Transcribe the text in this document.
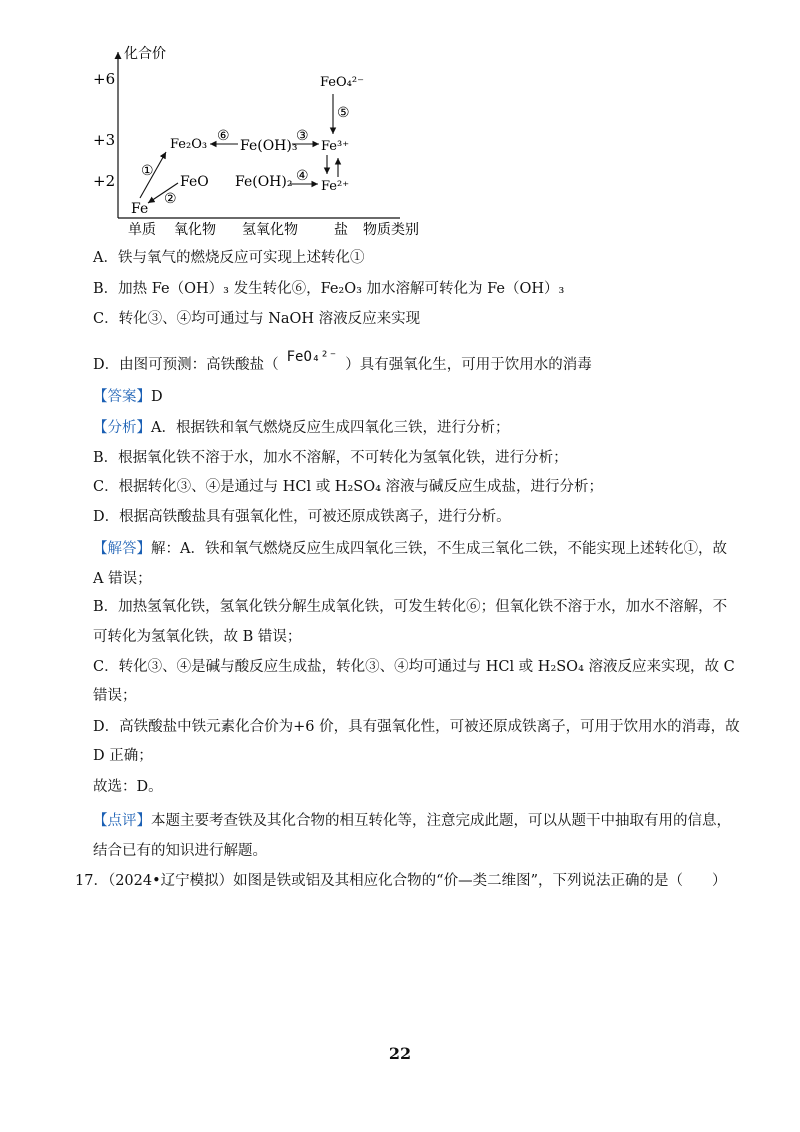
化合价
+6
+3
+2
单质 氧化物 氢氧化物	盐 物质类别
Fe
FeO
Fe₂O₃ Fe(OH)₃
Fe(OH)₂
Fe³⁺
Fe²⁺
FeO₄²⁻
①
②
③
④
⑤
⑥
A．铁与氧气的燃烧反应可实现上述转化①
B．加热 Fe（OH）₃ 发生转化⑥，Fe₂O₃ 加水溶解可转化为 Fe（OH）₃
C．转化③、④均可通过与 NaOH 溶液反应来实现
D．由图可预测：高铁酸盐（ FeO₄²⁻ ）具有强氧化生，可用于饮用水的消毒
【答案】D
【分析】A．根据铁和氧气燃烧反应生成四氧化三铁，进行分析；
B．根据氧化铁不溶于水，加水不溶解，不可转化为氢氧化铁，进行分析；
C．根据转化③、④是通过与 HCl 或 H₂SO₄ 溶液与碱反应生成盐，进行分析；
D．根据高铁酸盐具有强氧化性，可被还原成铁离子，进行分析。
【解答】解：A．铁和氧气燃烧反应生成四氧化三铁，不生成三氧化二铁，不能实现上述转化①，故
A 错误；
B．加热氢氧化铁，氢氧化铁分解生成氧化铁，可发生转化⑥；但氧化铁不溶于水，加水不溶解，不
可转化为氢氧化铁，故 B 错误；
C．转化③、④是碱与酸反应生成盐，转化③、④均可通过与 HCl 或 H₂SO₄ 溶液反应来实现，故 C
错误；
D．高铁酸盐中铁元素化合价为+6 价，具有强氧化性，可被还原成铁离子，可用于饮用水的消毒，故
D 正确；
故选：D。
【点评】本题主要考查铁及其化合物的相互转化等，注意完成此题，可以从题干中抽取有用的信息，
结合已有的知识进行解题。
17．（2024•辽宁模拟）如图是铁或铝及其相应化合物的“价—类二维图”，下列说法正确的是（　　）
22
